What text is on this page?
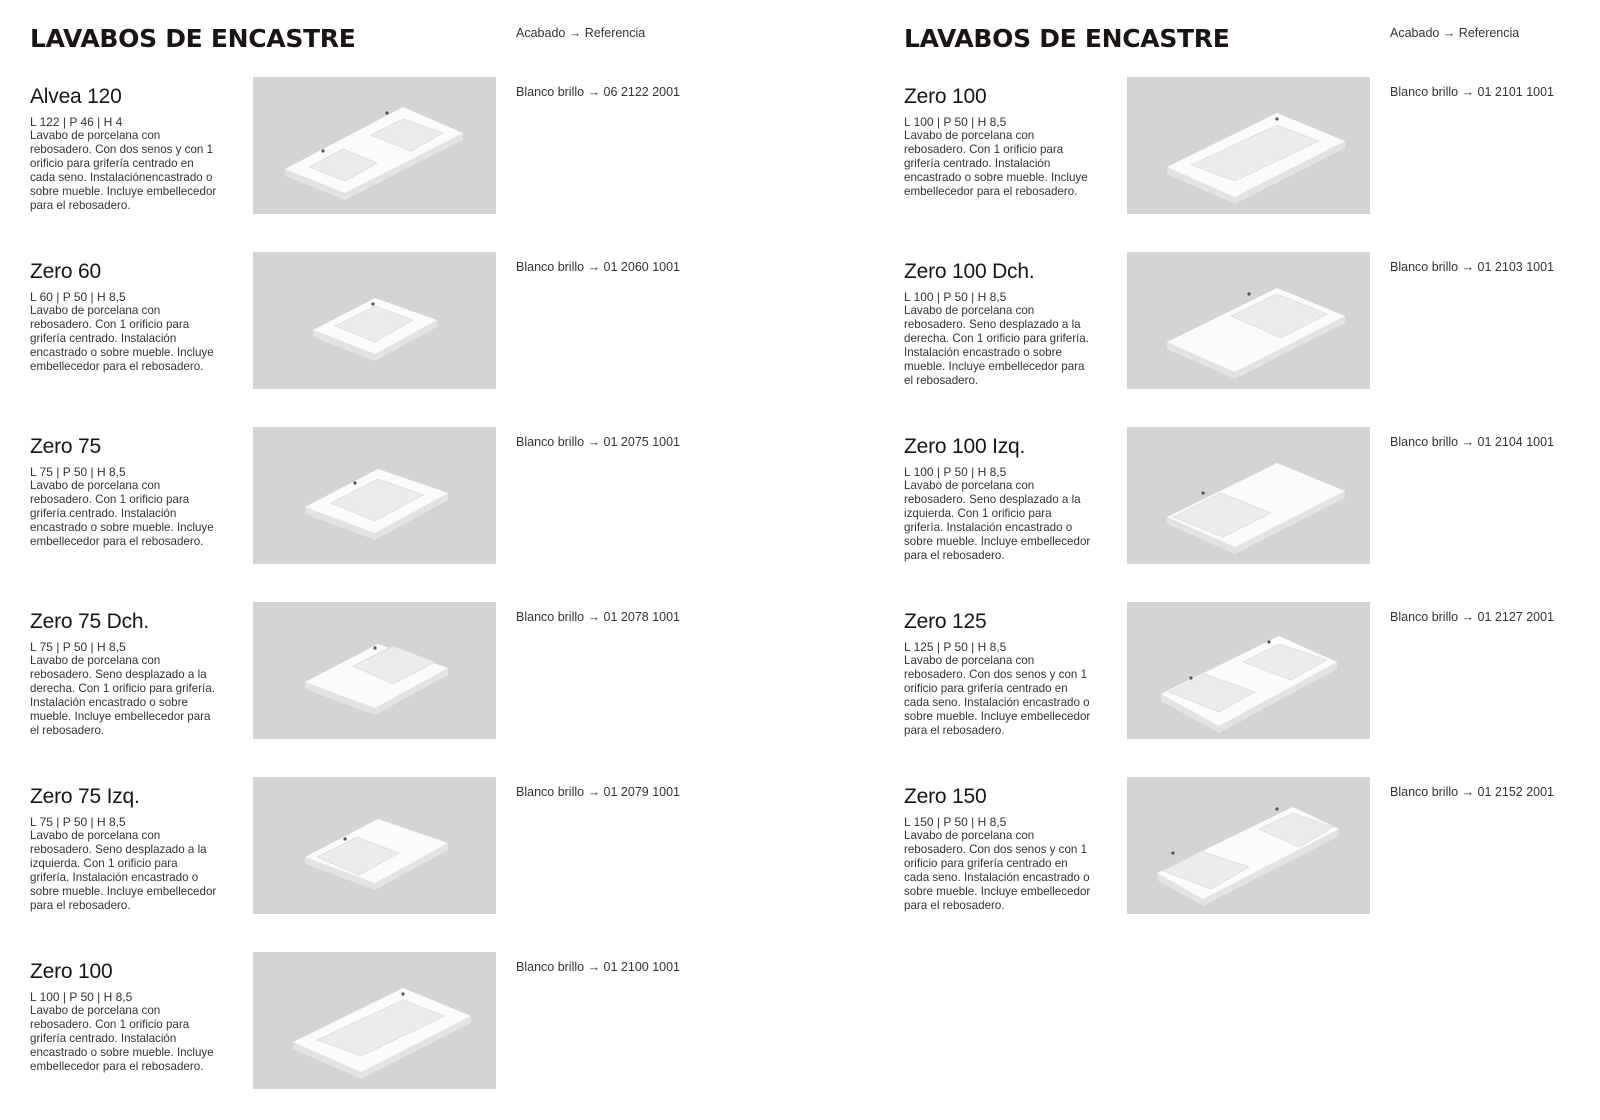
LAVABOS DE ENCASTRE	Acabado → Referencia
Alvea 120
L 122 | P 46 | H 4
Lavabo de porcelana con rebosadero. Con dos senos y con 1 orificio para grifería centrado en cada seno. Instalaciónencastrado o sobre mueble. Incluye embellecedor para el rebosadero.
Blanco brillo → 06 2122 2001
Zero 60
L 60 | P 50 | H 8,5
Lavabo de porcelana con rebosadero. Con 1 orificio para grifería centrado. Instalación encastrado o sobre mueble. Incluye embellecedor para el rebosadero.
Blanco brillo → 01 2060 1001
Zero 75
L 75 | P 50 | H 8,5
Lavabo de porcelana con rebosadero. Con 1 orificio para grifería centrado. Instalación encastrado o sobre mueble. Incluye embellecedor para el rebosadero.
Blanco brillo → 01 2075 1001
Zero 75 Dch.
L 75 | P 50 | H 8,5
Lavabo de porcelana con rebosadero. Seno desplazado a la derecha. Con 1 orificio para grifería. Instalación encastrado o sobre mueble. Incluye embellecedor para el rebosadero.
Blanco brillo → 01 2078 1001
Zero 75 Izq.
L 75 | P 50 | H 8,5
Lavabo de porcelana con rebosadero. Seno desplazado a la izquierda. Con 1 orificio para grifería. Instalación encastrado o sobre mueble. Incluye embellecedor para el rebosadero.
Blanco brillo → 01 2079 1001
Zero 100
L 100 | P 50 | H 8,5
Lavabo de porcelana con rebosadero. Con 1 orificio para grifería centrado. Instalación encastrado o sobre mueble. Incluye embellecedor para el rebosadero.
Blanco brillo → 01 2100 1001
LAVABOS DE ENCASTRE	Acabado → Referencia
Zero 100
L 100 | P 50 | H 8,5
Lavabo de porcelana con rebosadero. Con 1 orificio para grifería centrado. Instalación encastrado o sobre mueble. Incluye embellecedor para el rebosadero.
Blanco brillo → 01 2101 1001
Zero 100 Dch.
L 100 | P 50 | H 8,5
Lavabo de porcelana con rebosadero. Seno desplazado a la derecha. Con 1 orificio para grifería. Instalación encastrado o sobre mueble. Incluye embellecedor para el rebosadero.
Blanco brillo → 01 2103 1001
Zero 100 Izq.
L 100 | P 50 | H 8,5
Lavabo de porcelana con rebosadero. Seno desplazado a la izquierda. Con 1 orificio para grifería. Instalación encastrado o sobre mueble. Incluye embellecedor para el rebosadero.
Blanco brillo → 01 2104 1001
Zero 125
L 125 | P 50 | H 8,5
Lavabo de porcelana con rebosadero. Con dos senos y con 1 orificio para grifería centrado en cada seno. Instalación encastrado o sobre mueble. Incluye embellecedor para el rebosadero.
Blanco brillo → 01 2127 2001
Zero 150
L 150 | P 50 | H 8,5
Lavabo de porcelana con rebosadero. Con dos senos y con 1 orificio para grifería centrado en cada seno. Instalación encastrado o sobre mueble. Incluye embellecedor para el rebosadero.
Blanco brillo → 01 2152 2001
